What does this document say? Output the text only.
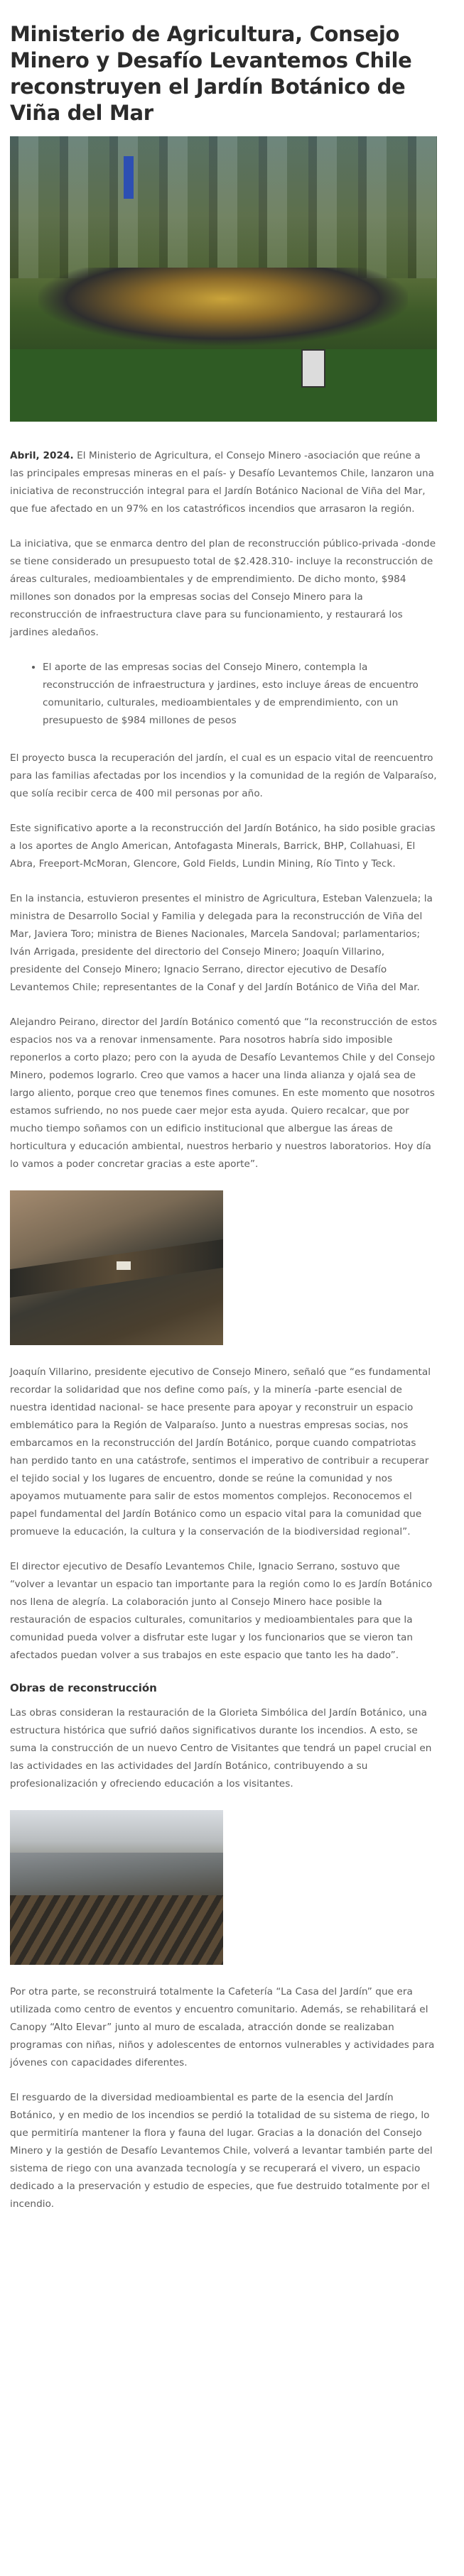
Ministerio de Agricultura, Consejo Minero y Desafío Levantemos Chile reconstruyen el Jardín Botánico de Viña del Mar

Abril, 2024. El Ministerio de Agricultura, el Consejo Minero -asociación que reúne a las principales empresas mineras en el país- y Desafío Levantemos Chile, lanzaron una iniciativa de reconstrucción integral para el Jardín Botánico Nacional de Viña del Mar, que fue afectado en un 97% en los catastróficos incendios que arrasaron la región.

La iniciativa, que se enmarca dentro del plan de reconstrucción público-privada -donde se tiene considerado un presupuesto total de $2.428.310- incluye la reconstrucción de áreas culturales, medioambientales y de emprendimiento. De dicho monto, $984 millones son donados por la empresas socias del Consejo Minero para la reconstrucción de infraestructura clave para su funcionamiento, y restaurará los jardines aledaños.

• El aporte de las empresas socias del Consejo Minero, contempla la reconstrucción de infraestructura y jardines, esto incluye áreas de encuentro comunitario, culturales, medioambientales y de emprendimiento, con un presupuesto de $984 millones de pesos

El proyecto busca la recuperación del jardín, el cual es un espacio vital de reencuentro para las familias afectadas por los incendios y la comunidad de la región de Valparaíso, que solía recibir cerca de 400 mil personas por año.

Este significativo aporte a la reconstrucción del Jardín Botánico, ha sido posible gracias a los aportes de Anglo American, Antofagasta Minerals, Barrick, BHP, Collahuasi, El Abra, Freeport-McMoran, Glencore, Gold Fields, Lundin Mining, Río Tinto y Teck.

En la instancia, estuvieron presentes el ministro de Agricultura, Esteban Valenzuela; la ministra de Desarrollo Social y Familia y delegada para la reconstrucción de Viña del Mar, Javiera Toro; ministra de Bienes Nacionales, Marcela Sandoval; parlamentarios; Iván Arrigada, presidente del directorio del Consejo Minero; Joaquín Villarino, presidente del Consejo Minero; Ignacio Serrano, director ejecutivo de Desafío Levantemos Chile; representantes de la Conaf y del Jardín Botánico de Viña del Mar.

Alejandro Peirano, director del Jardín Botánico comentó que “la reconstrucción de estos espacios nos va a renovar inmensamente. Para nosotros habría sido imposible reponerlos a corto plazo; pero con la ayuda de Desafío Levantemos Chile y del Consejo Minero, podemos lograrlo. Creo que vamos a hacer una linda alianza y ojalá sea de largo aliento, porque creo que tenemos fines comunes. En este momento que nosotros estamos sufriendo, no nos puede caer mejor esta ayuda. Quiero recalcar, que por mucho tiempo soñamos con un edificio institucional que albergue las áreas de horticultura y educación ambiental, nuestros herbario y nuestros laboratorios. Hoy día lo vamos a poder concretar gracias a este aporte”.

Joaquín Villarino, presidente ejecutivo de Consejo Minero, señaló que “es fundamental recordar la solidaridad que nos define como país, y la minería -parte esencial de nuestra identidad nacional- se hace presente para apoyar y reconstruir un espacio emblemático para la Región de Valparaíso. Junto a nuestras empresas socias, nos embarcamos en la reconstrucción del Jardín Botánico, porque cuando compatriotas han perdido tanto en una catástrofe, sentimos el imperativo de contribuir a recuperar el tejido social y los lugares de encuentro, donde se reúne la comunidad y nos apoyamos mutuamente para salir de estos momentos complejos. Reconocemos el papel fundamental del Jardín Botánico como un espacio vital para la comunidad que promueve la educación, la cultura y la conservación de la biodiversidad regional”.

El director ejecutivo de Desafío Levantemos Chile, Ignacio Serrano, sostuvo que “volver a levantar un espacio tan importante para la región como lo es Jardín Botánico nos llena de alegría. La colaboración junto al Consejo Minero hace posible la restauración de espacios culturales, comunitarios y medioambientales para que la comunidad pueda volver a disfrutar este lugar y los funcionarios que se vieron tan afectados puedan volver a sus trabajos en este espacio que tanto les ha dado”.

Obras de reconstrucción

Las obras consideran la restauración de la Glorieta Simbólica del Jardín Botánico, una estructura histórica que sufrió daños significativos durante los incendios. A esto, se suma la construcción de un nuevo Centro de Visitantes que tendrá un papel crucial en las actividades en las actividades del Jardín Botánico, contribuyendo a su profesionalización y ofreciendo educación a los visitantes.

Por otra parte, se reconstruirá totalmente la Cafetería “La Casa del Jardín” que era utilizada como centro de eventos y encuentro comunitario. Además, se rehabilitará el Canopy “Alto Elevar” junto al muro de escalada, atracción donde se realizaban programas con niñas, niños y adolescentes de entornos vulnerables y actividades para jóvenes con capacidades diferentes.

El resguardo de la diversidad medioambiental es parte de la esencia del Jardín Botánico, y en medio de los incendios se perdió la totalidad de su sistema de riego, lo que permitiría mantener la flora y fauna del lugar. Gracias a la donación del Consejo Minero y la gestión de Desafío Levantemos Chile, volverá a levantar también parte del sistema de riego con una avanzada tecnología y se recuperará el vivero, un espacio dedicado a la preservación y estudio de especies, que fue destruido totalmente por el incendio.
